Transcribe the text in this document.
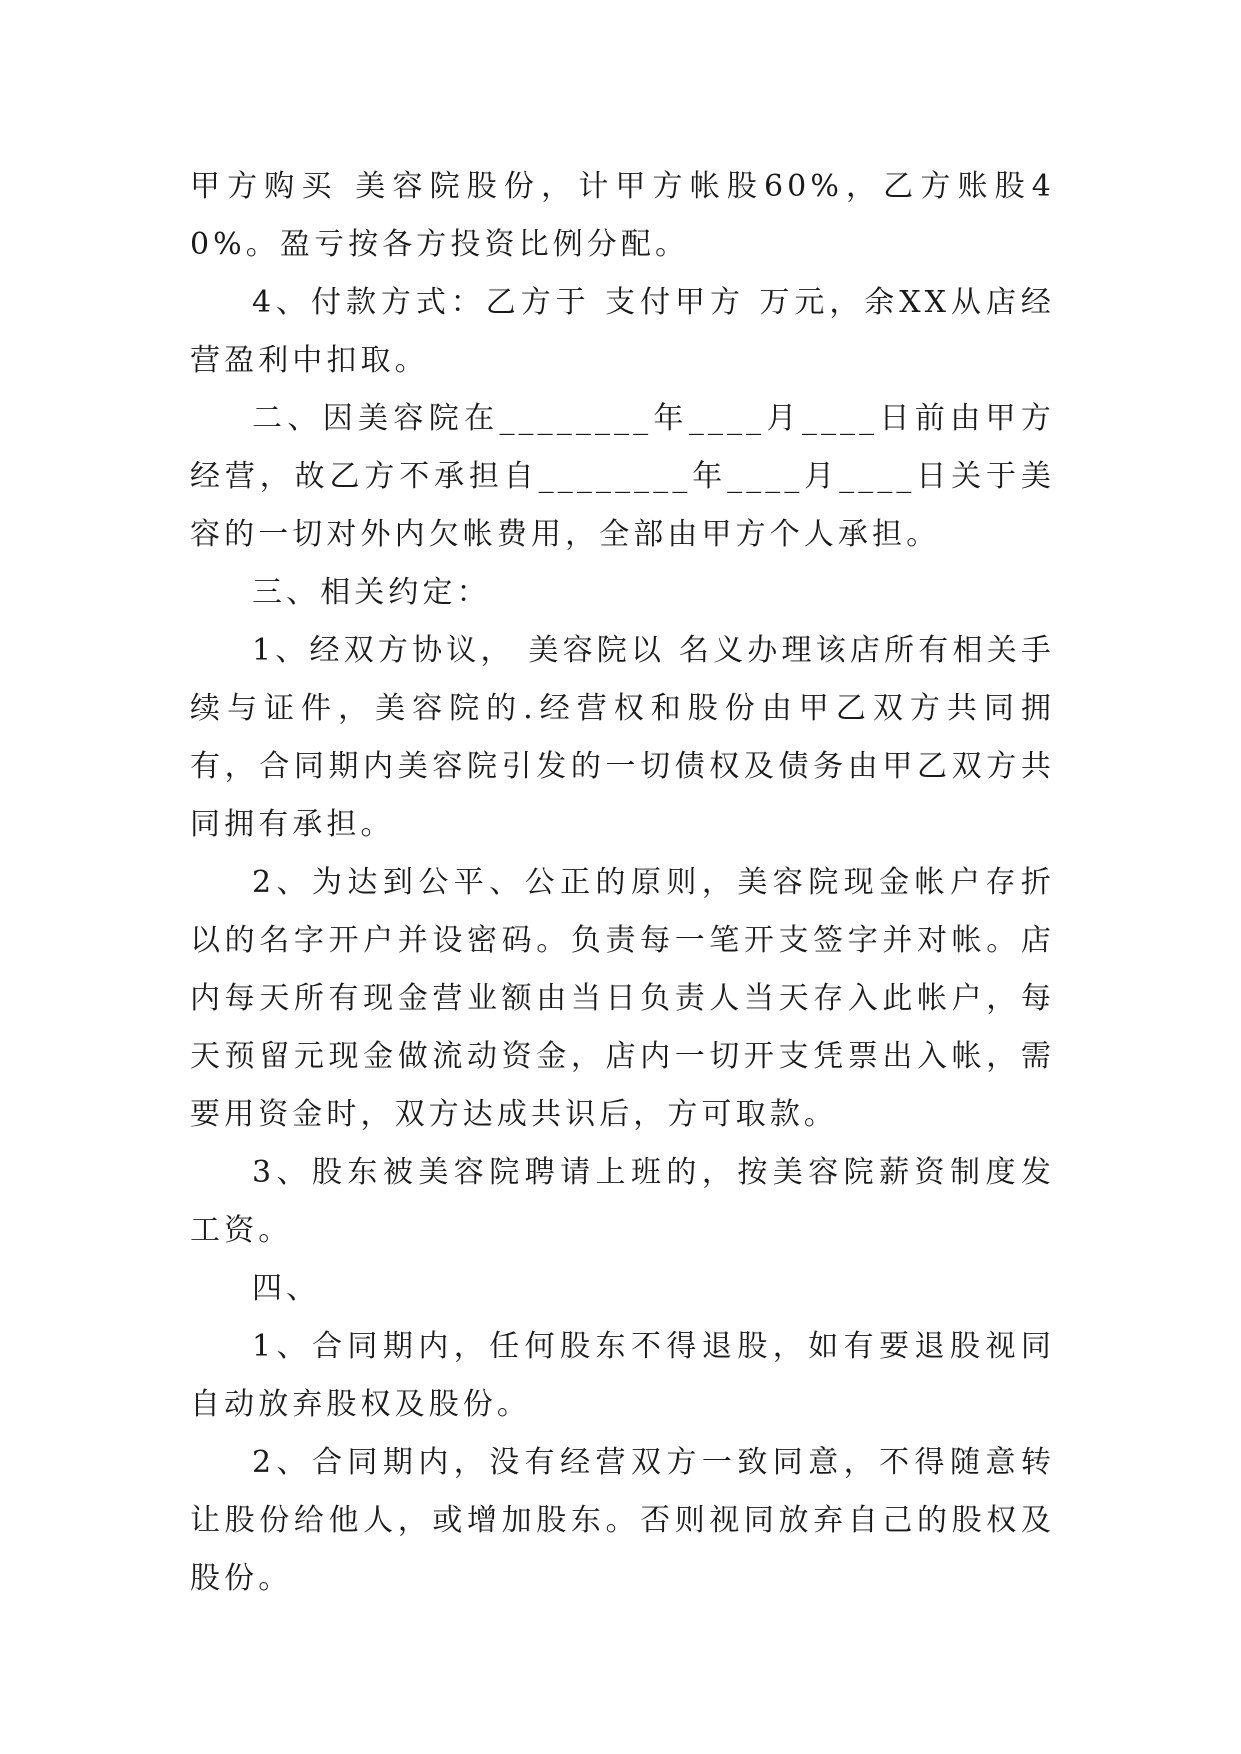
甲方购买 美容院股份，计甲方帐股60%，乙方账股40%。盈亏按各方投资比例分配。

4、付款方式：乙方于 支付甲方 万元，余XX从店经营盈利中扣取。

二、因美容院在________年____月____日前由甲方经营，故乙方不承担自________年____月____日关于美容的一切对外内欠帐费用，全部由甲方个人承担。

三、相关约定：

1、经双方协议， 美容院以 名义办理该店所有相关手续与证件，美容院的.经营权和股份由甲乙双方共同拥有，合同期内美容院引发的一切债权及债务由甲乙双方共同拥有承担。

2、为达到公平、公正的原则，美容院现金帐户存折以的名字开户并设密码。负责每一笔开支签字并对帐。店内每天所有现金营业额由当日负责人当天存入此帐户，每天预留元现金做流动资金，店内一切开支凭票出入帐，需要用资金时，双方达成共识后，方可取款。

3、股东被美容院聘请上班的，按美容院薪资制度发工资。

四、

1、合同期内，任何股东不得退股，如有要退股视同自动放弃股权及股份。

2、合同期内，没有经营双方一致同意，不得随意转让股份给他人，或增加股东。否则视同放弃自己的股权及股份。
